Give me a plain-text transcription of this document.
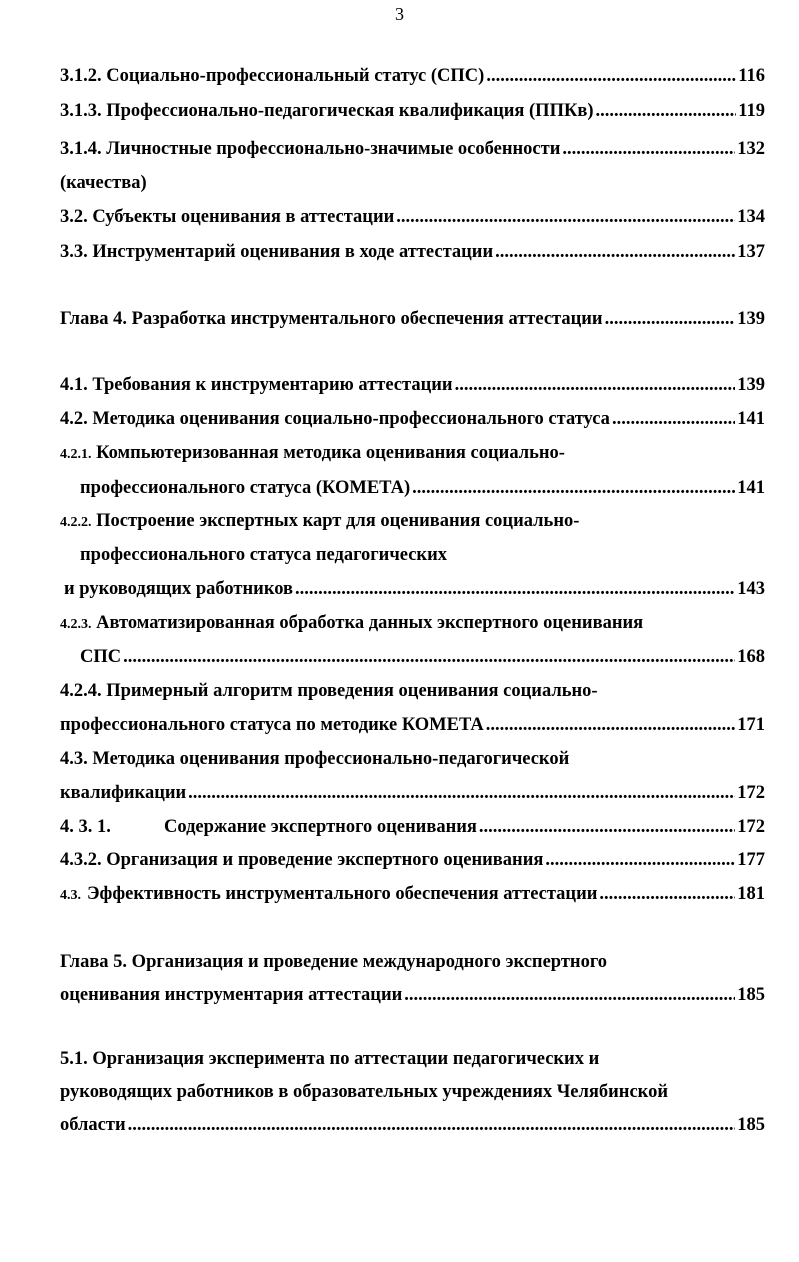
3
3.1.2. Социально-профессиональный статус (СПС) .....	116
3.1.3. Профессионально-педагогическая квалификация (ППКв) .....	119
3.1.4. Личностные профессионально-значимые особенности .....	132
(качества)
3.2. Субъекты оценивания в аттестации .....	134
3.3. Инструментарий оценивания в ходе аттестации .....	137
Глава 4. Разработка инструментального обеспечения аттестации .....	139
4.1. Требования к инструментарию аттестации .....	139
4.2. Методика оценивания социально-профессионального статуса .....	141
4.2.1. Компьютеризованная методика оценивания социально-
профессионального статуса (КОМЕТА) .....	141
4.2.2. Построение экспертных карт для оценивания социально-
профессионального статуса педагогических
и руководящих работников .....	143
4.2.3. Автоматизированная обработка данных экспертного оценивания
СПС .....	168
4.2.4. Примерный алгоритм проведения оценивания социально-
профессионального статуса по методике КОМЕТА .....	171
4.3. Методика оценивания профессионально-педагогической
квалификации .....	172
4. 3. 1.	Содержание экспертного оценивания .....	172
4.3.2. Организация и проведение экспертного оценивания .....	177
4.3. Эффективность инструментального обеспечения аттестации .....	181
Глава 5. Организация и проведение международного экспертного
оценивания инструментария аттестации .....	185
5.1. Организация эксперимента по аттестации педагогических и
руководящих работников в образовательных учреждениях Челябинской
области .....	185
